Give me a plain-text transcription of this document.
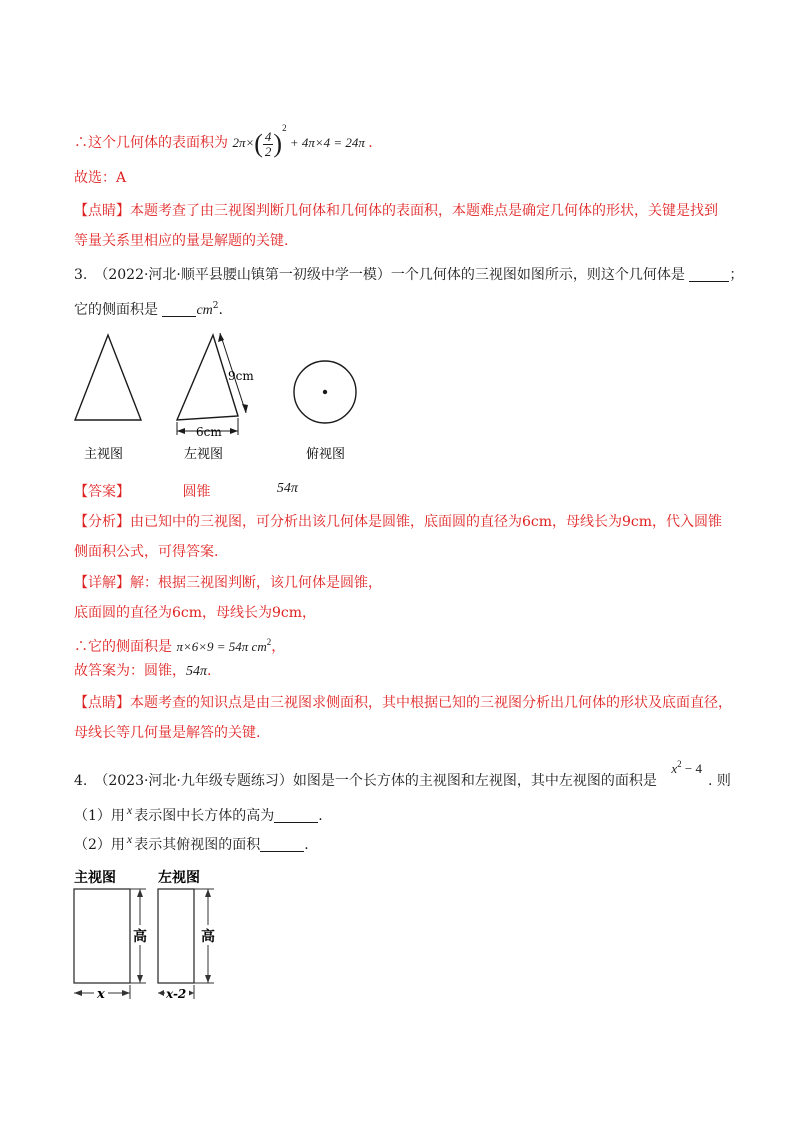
∴这个几何体的表面积为 $2\pi\times( \frac{4}{2} )^2 + 4\pi\times 4 = 24\pi$ .
故选：A
【点睛】本题考查了由三视图判断几何体和几何体的表面积，本题难点是确定几何体的形状，关键是找到
等量关系里相应的量是解题的关键.
3.　（2022·河北·顺平县腰山镇第一初级中学一模）一个几何体的三视图如图所示，则这个几何体是	；
它的侧面积是	$cm^2$.
9cm
6cm
主视图	左视图	俯视图
【答案】	圆锥	54π
【分析】由已知中的三视图，可分析出该几何体是圆锥，底面圆的直径为6cm，母线长为9cm，代入圆锥
侧面积公式，可得答案.
【详解】解：根据三视图判断，该几何体是圆锥，
底面圆的直径为6cm，母线长为9cm，
∴它的侧面积是 π×6×9 = 54π $cm^2$，
故答案为：圆锥，54π.
【点睛】本题考查的知识点是由三视图求侧面积，其中根据已知的三视图分析出几何体的形状及底面直径，
母线长等几何量是解答的关键.
4.　（2023·河北·九年级专题练习）如图是一个长方体的主视图和左视图，其中左视图的面积是 $x^2 - 4$. 则
（1）用 x 表示图中长方体的高为	.
（2）用 x 表示其俯视图的面积	.
主视图	左视图
高	高
x	x-2
